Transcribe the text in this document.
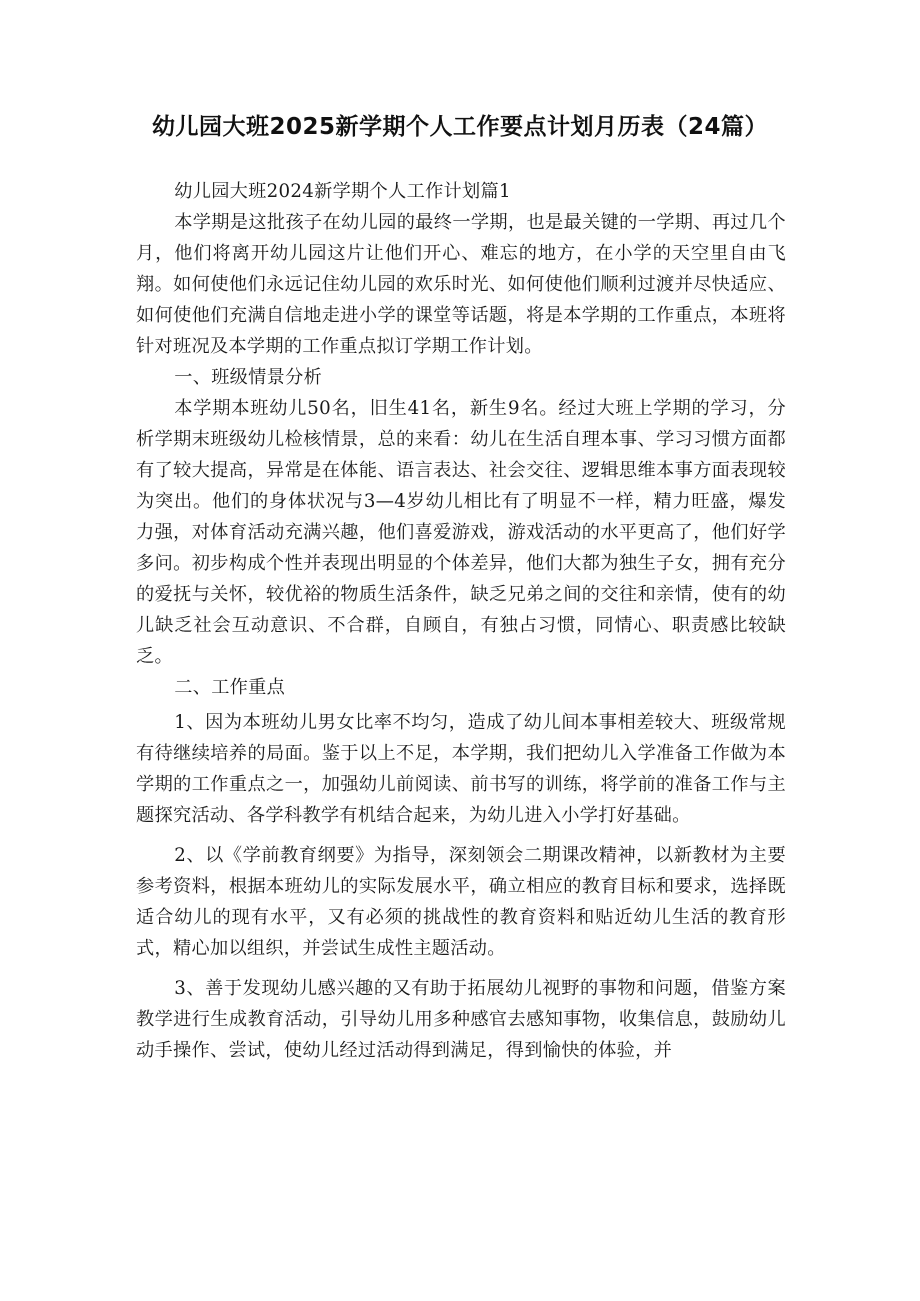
幼儿园大班2025新学期个人工作要点计划月历表（24篇）

幼儿园大班2024新学期个人工作计划篇1

本学期是这批孩子在幼儿园的最终一学期，也是最关键的一学期、再过几个月，他们将离开幼儿园这片让他们开心、难忘的地方，在小学的天空里自由飞翔。如何使他们永远记住幼儿园的欢乐时光、如何使他们顺利过渡并尽快适应、如何使他们充满自信地走进小学的课堂等话题，将是本学期的工作重点，本班将针对班况及本学期的工作重点拟订学期工作计划。

一、班级情景分析

本学期本班幼儿50名，旧生41名，新生9名。经过大班上学期的学习，分析学期末班级幼儿检核情景，总的来看：幼儿在生活自理本事、学习习惯方面都有了较大提高，异常是在体能、语言表达、社会交往、逻辑思维本事方面表现较为突出。他们的身体状况与3—4岁幼儿相比有了明显不一样，精力旺盛，爆发力强，对体育活动充满兴趣，他们喜爱游戏，游戏活动的水平更高了，他们好学多问。初步构成个性并表现出明显的个体差异，他们大都为独生子女，拥有充分的爱抚与关怀，较优裕的物质生活条件，缺乏兄弟之间的交往和亲情，使有的幼儿缺乏社会互动意识、不合群，自顾自，有独占习惯，同情心、职责感比较缺乏。

二、工作重点

1、因为本班幼儿男女比率不均匀，造成了幼儿间本事相差较大、班级常规有待继续培养的局面。鉴于以上不足，本学期，我们把幼儿入学准备工作做为本学期的工作重点之一，加强幼儿前阅读、前书写的训练，将学前的准备工作与主题探究活动、各学科教学有机结合起来，为幼儿进入小学打好基础。

2、以《学前教育纲要》为指导，深刻领会二期课改精神，以新教材为主要参考资料，根据本班幼儿的实际发展水平，确立相应的教育目标和要求，选择既适合幼儿的现有水平，又有必须的挑战性的教育资料和贴近幼儿生活的教育形式，精心加以组织，并尝试生成性主题活动。

3、善于发现幼儿感兴趣的又有助于拓展幼儿视野的事物和问题，借鉴方案教学进行生成教育活动，引导幼儿用多种感官去感知事物，收集信息，鼓励幼儿动手操作、尝试，使幼儿经过活动得到满足，得到愉快的体验，并
